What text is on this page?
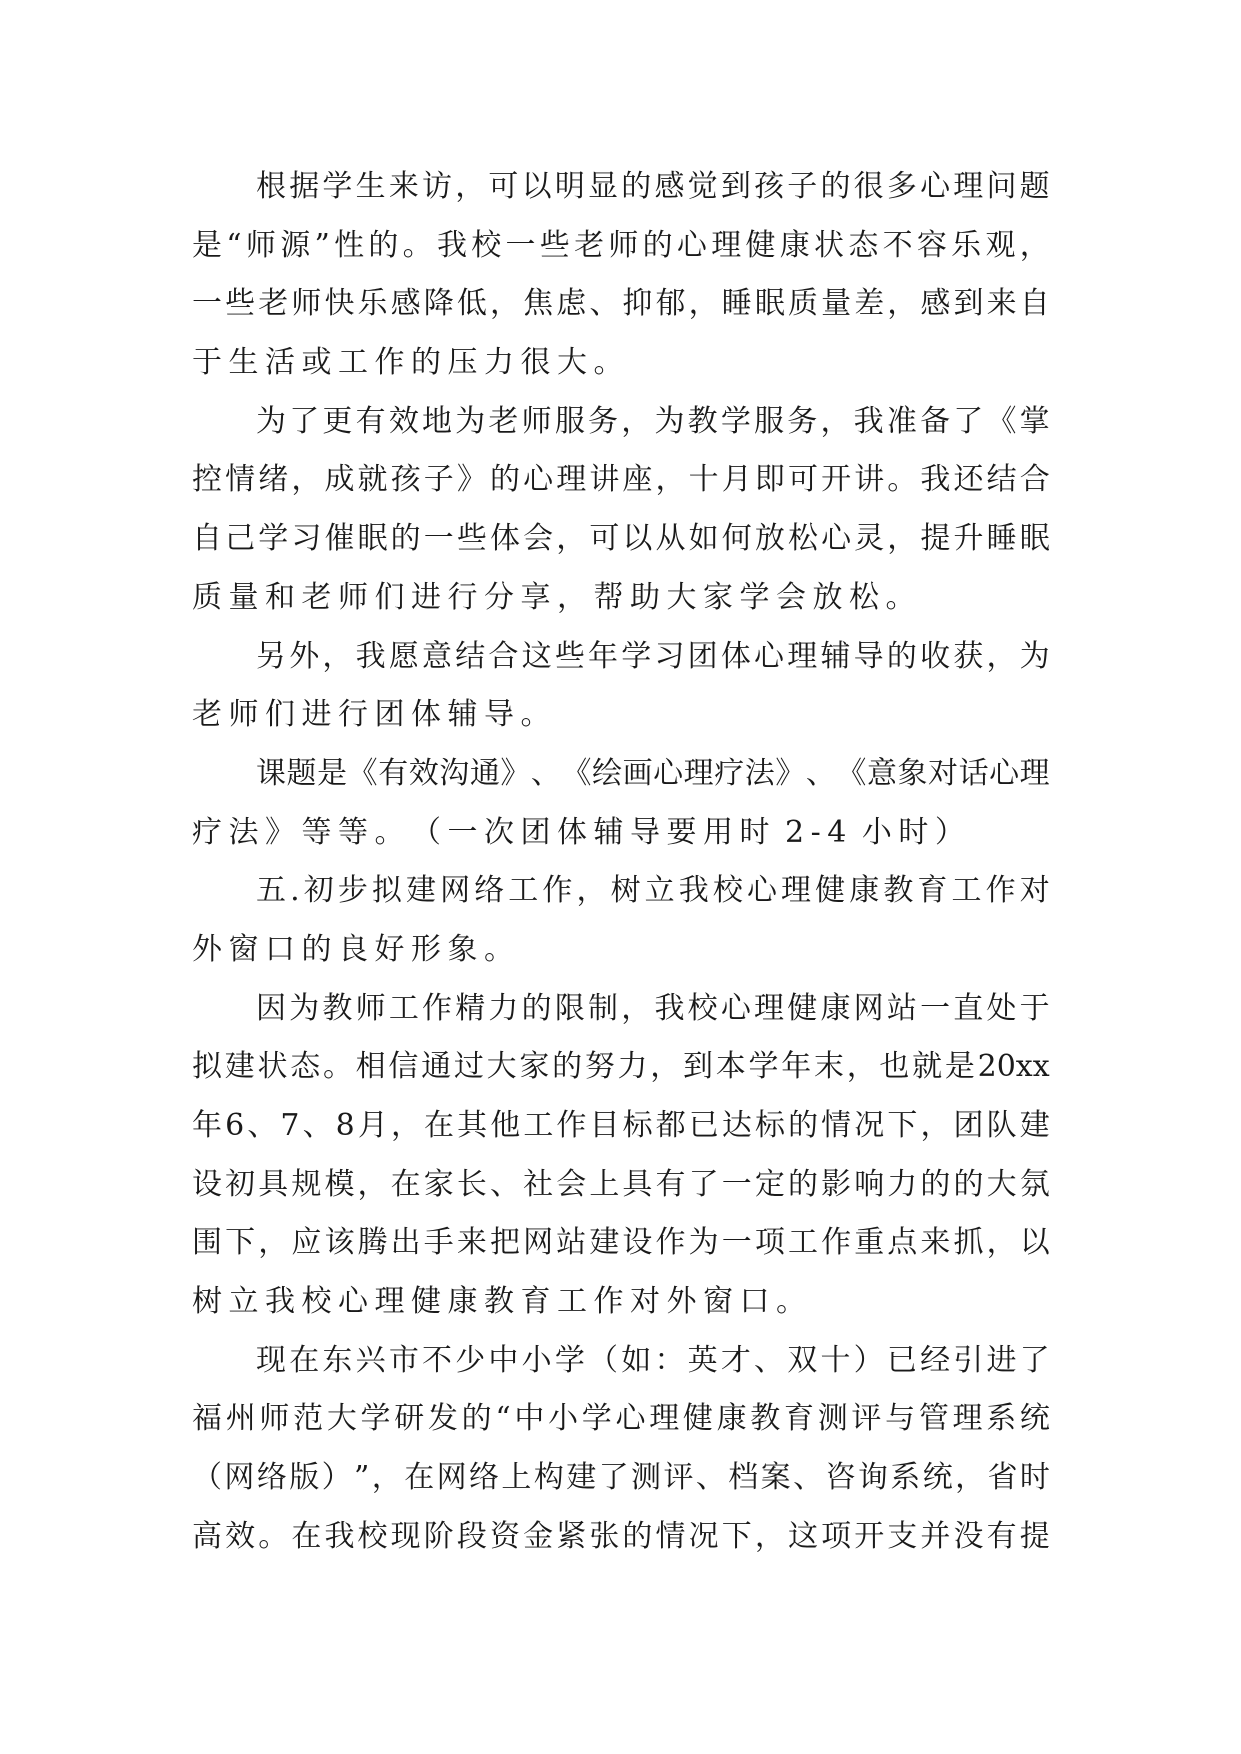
根 据 学 生 来 访 ， 可 以 明 显 的 感 觉 到 孩 子 的 很 多 心 理 问 题
是 “ 师 源 ” 性 的 。 我 校 一 些 老 师 的 心 理 健 康 状 态 不 容 乐 观 ，
一 些 老 师 快 乐 感 降 低 ， 焦 虑 、 抑 郁 ， 睡 眠 质 量 差 ， 感 到 来 自
于 生 活 或 工 作 的 压 力 很 大 。
为 了 更 有 效 地 为 老 师 服 务 ， 为 教 学 服 务 ， 我 准 备 了 《 掌
控 情 绪 ， 成 就 孩 子 》 的 心 理 讲 座 ， 十 月 即 可 开 讲 。 我 还 结 合
自 己 学 习 催 眠 的 一 些 体 会 ， 可 以 从 如 何 放 松 心 灵 ， 提 升 睡 眠
质 量 和 老 师 们 进 行 分 享 ， 帮 助 大 家 学 会 放 松 。
另 外 ， 我 愿 意 结 合 这 些 年 学 习 团 体 心 理 辅 导 的 收 获 ， 为
老 师 们 进 行 团 体 辅 导 。
课 题 是 《 有 效 沟 通 》 、 《 绘 画 心 理 疗 法 》 、 《 意 象 对 话 心 理
疗 法 》 等 等 。 （ 一 次 团 体 辅 导 要 用 时 2-4 小 时 ）
五 . 初 步 拟 建 网 络 工 作 ， 树 立 我 校 心 理 健 康 教 育 工 作 对
外 窗 口 的 良 好 形 象 。
因 为 教 师 工 作 精 力 的 限 制 ， 我 校 心 理 健 康 网 站 一 直 处 于
拟 建 状 态 。 相 信 通 过 大 家 的 努 力 ， 到 本 学 年 末 ， 也 就 是 20xx
年 6 、 7 、 8 月 ， 在 其 他 工 作 目 标 都 已 达 标 的 情 况 下 ， 团 队 建
设 初 具 规 模 ， 在 家 长 、 社 会 上 具 有 了 一 定 的 影 响 力 的 的 大 氛
围 下 ， 应 该 腾 出 手 来 把 网 站 建 设 作 为 一 项 工 作 重 点 来 抓 ， 以
树 立 我 校 心 理 健 康 教 育 工 作 对 外 窗 口 。
现 在 东 兴 市 不 少 中 小 学 （ 如 ： 英 才 、 双 十 ） 已 经 引 进 了
福 州 师 范 大 学 研 发 的 “ 中 小 学 心 理 健 康 教 育 测 评 与 管 理 系 统
（ 网 络 版 ） ” ， 在 网 络 上 构 建 了 测 评 、 档 案 、 咨 询 系 统 ， 省 时
高 效 。 在 我 校 现 阶 段 资 金 紧 张 的 情 况 下 ， 这 项 开 支 并 没 有 提
